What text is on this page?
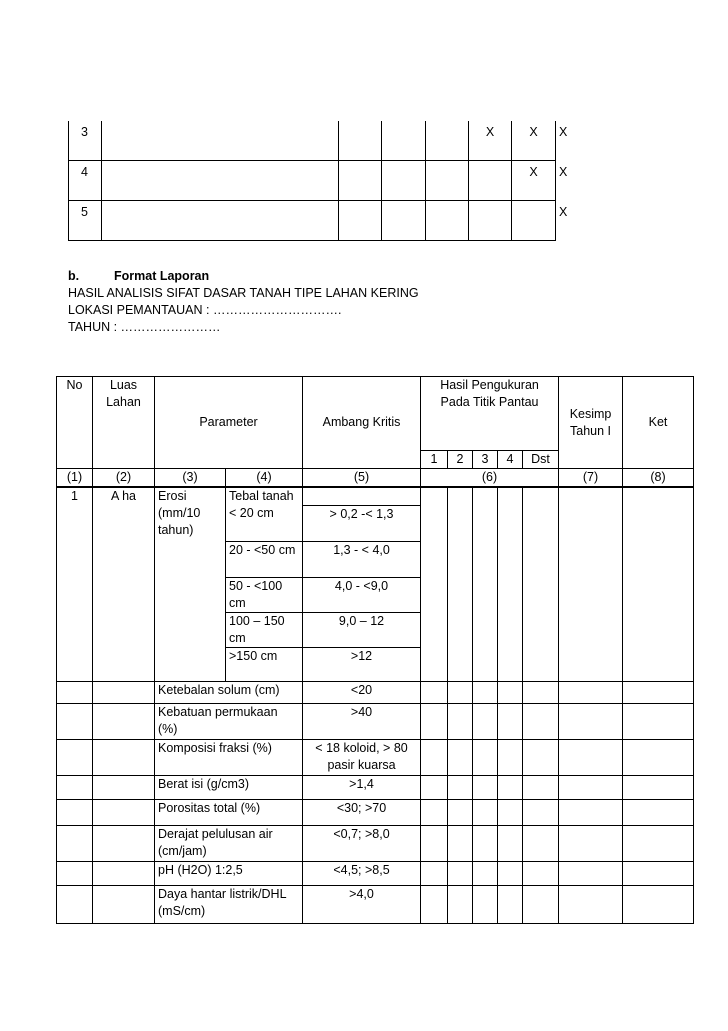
3					X	X	X
4						X	X
5							X
b.	Format Laporan
HASIL ANALISIS SIFAT DASAR TANAH TIPE LAHAN KERING
LOKASI PEMANTAUAN : ………………………….
TAHUN : ……………………
No	Luas Lahan	Parameter		Ambang Kritis	Hasil Pengukuran Pada Titik Pantau					Kesimp Tahun I	Ket
					1	2	3	4	Dst		
(1)	(2)	(3)	(4)	(5)	(6)					(7)	(8)
1	A ha	Erosi (mm/10 tahun)	Tebal tanah								
			< 20 cm	> 0,2 -< 1,3							
			20 - <50 cm	1,3 - < 4,0							
			50 - <100 cm	4,0 - <9,0							
			100 – 150 cm	9,0 – 12							
			>150 cm	>12							
		Ketebalan solum (cm)		<20							
		Kebatuan permukaan (%)		>40							
		Komposisi fraksi (%)		< 18 koloid, > 80 pasir kuarsa							
		Berat isi (g/cm3)		>1,4							
		Porositas total (%)		<30; >70							
		Derajat pelulusan air (cm/jam)		<0,7; >8,0							
		pH (H2O) 1:2,5		<4,5; >8,5							
		Daya hantar listrik/DHL (mS/cm)		>4,0							
